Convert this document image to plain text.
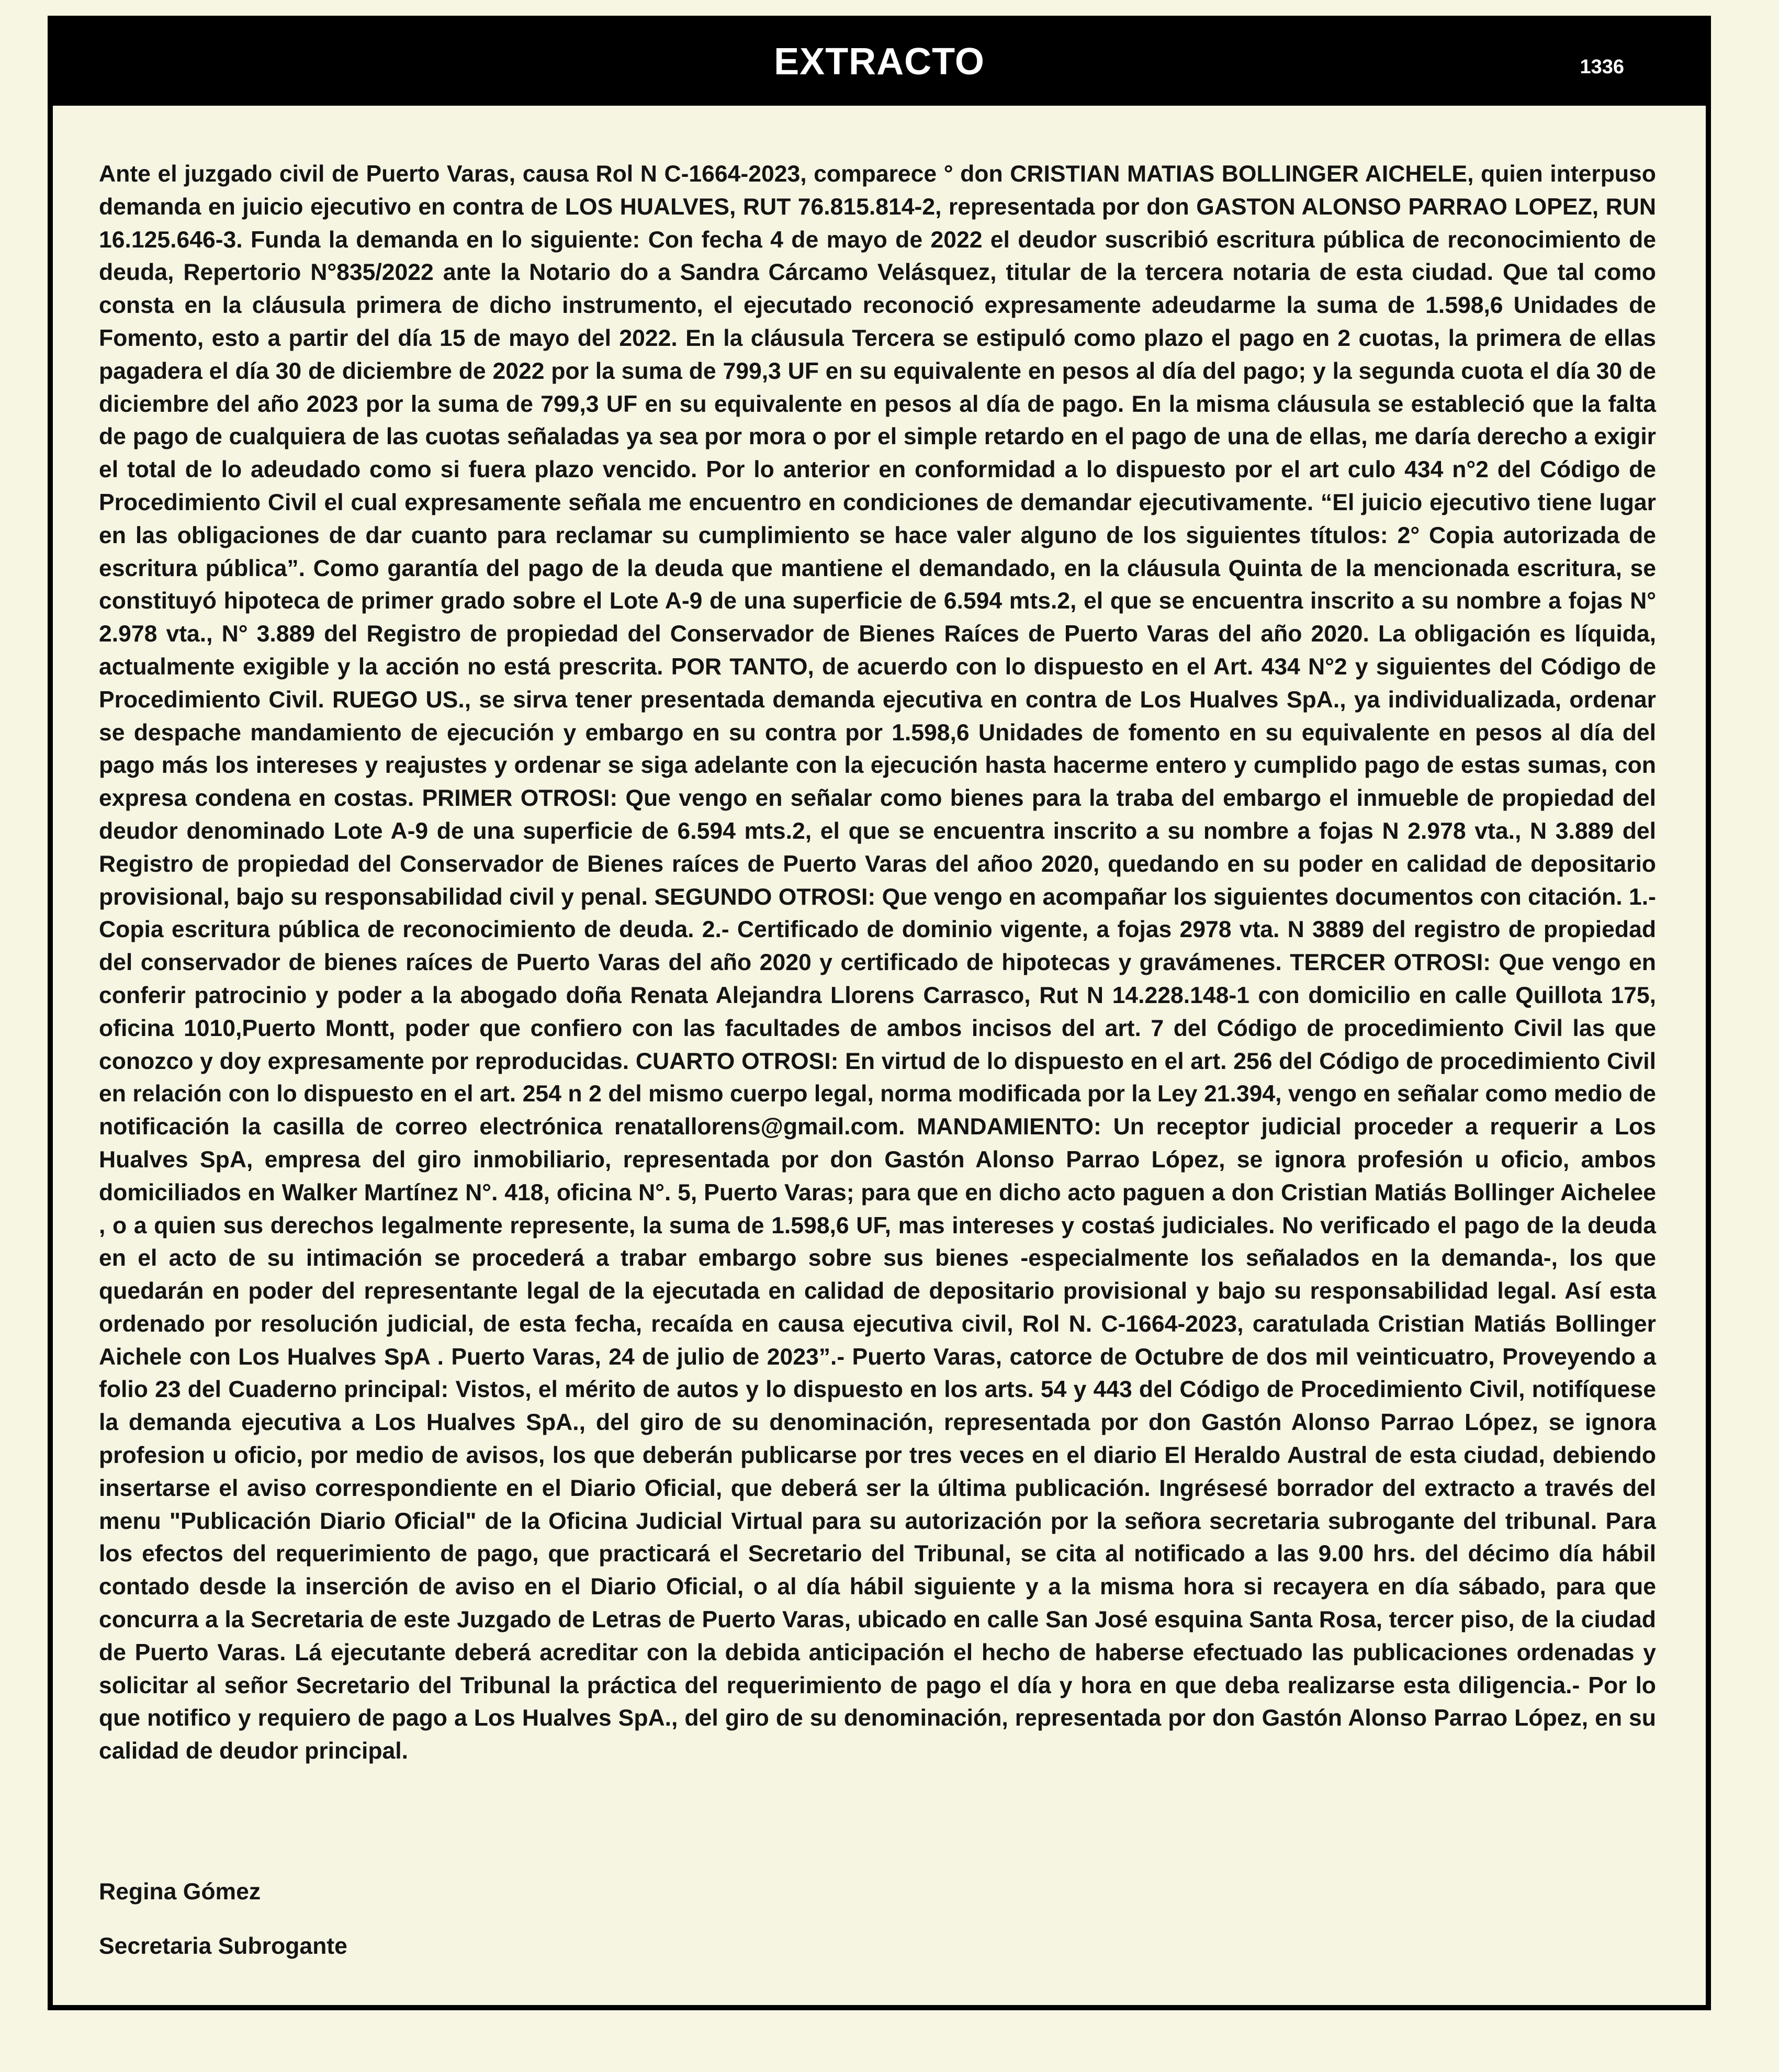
EXTRACTO	1336

Ante el juzgado civil de Puerto Varas, causa Rol N C-1664-2023, comparece ° don CRISTIAN MATIAS BOLLINGER AICHELE, quien interpuso demanda en juicio ejecutivo en contra de LOS HUALVES, RUT 76.815.814-2, representada por don GASTON ALONSO PARRAO LOPEZ, RUN 16.125.646-3. Funda la demanda en lo siguiente: Con fecha 4 de mayo de 2022 el deudor suscribió escritura pública de reconocimiento de deuda, Repertorio N°835/2022 ante la Notario do a Sandra Cárcamo Velásquez, titular de la tercera notaria de esta ciudad. Que tal como consta en la cláusula primera de dicho instrumento, el ejecutado reconoció expresamente adeudarme la suma de 1.598,6 Unidades de Fomento, esto a partir del día 15 de mayo del 2022. En la cláusula Tercera se estipuló como plazo el pago en 2 cuotas, la primera de ellas pagadera el día 30 de diciembre de 2022 por la suma de 799,3 UF en su equivalente en pesos al día del pago; y la segunda cuota el día 30 de diciembre del año 2023 por la suma de 799,3 UF en su equivalente en pesos al día de pago. En la misma cláusula se estableció que la falta de pago de cualquiera de las cuotas señaladas ya sea por mora o por el simple retardo en el pago de una de ellas, me daría derecho a exigir el total de lo adeudado como si fuera plazo vencido. Por lo anterior en conformidad a lo dispuesto por el art culo 434 n°2 del Código de Procedimiento Civil el cual expresamente señala me encuentro en condiciones de demandar ejecutivamente. “El juicio ejecutivo tiene lugar en las obligaciones de dar cuanto para reclamar su cumplimiento se hace valer alguno de los siguientes títulos: 2° Copia autorizada de escritura pública”. Como garantía del pago de la deuda que mantiene el demandado, en la cláusula Quinta de la mencionada escritura, se constituyó hipoteca de primer grado sobre el Lote A-9 de una superficie de 6.594 mts.2, el que se encuentra inscrito a su nombre a fojas N° 2.978 vta., N° 3.889 del Registro de propiedad del Conservador de Bienes Raíces de Puerto Varas del año 2020. La obligación es líquida, actualmente exigible y la acción no está prescrita. POR TANTO, de acuerdo con lo dispuesto en el Art. 434 N°2 y siguientes del Código de Procedimiento Civil. RUEGO US., se sirva tener presentada demanda ejecutiva en contra de Los Hualves SpA., ya individualizada, ordenar se despache mandamiento de ejecución y embargo en su contra por 1.598,6 Unidades de fomento en su equivalente en pesos al día del pago más los intereses y reajustes y ordenar se siga adelante con la ejecución hasta hacerme entero y cumplido pago de estas sumas, con expresa condena en costas. PRIMER OTROSI: Que vengo en señalar como bienes para la traba del embargo el inmueble de propiedad del deudor denominado Lote A-9 de una superficie de 6.594 mts.2, el que se encuentra inscrito a su nombre a fojas N 2.978 vta., N 3.889 del Registro de propiedad del Conservador de Bienes raíces de Puerto Varas del añoo 2020, quedando en su poder en calidad de depositario provisional, bajo su responsabilidad civil y penal. SEGUNDO OTROSI: Que vengo en acompañar los siguientes documentos con citación. 1.- Copia escritura pública de reconocimiento de deuda. 2.- Certificado de dominio vigente, a fojas 2978 vta. N 3889 del registro de propiedad del conservador de bienes raíces de Puerto Varas del año 2020 y certificado de hipotecas y gravámenes. TERCER OTROSI: Que vengo en conferir patrocinio y poder a la abogado doña Renata Alejandra Llorens Carrasco, Rut N 14.228.148-1 con domicilio en calle Quillota 175, oficina 1010,Puerto Montt, poder que confiero con las facultades de ambos incisos del art. 7 del Código de procedimiento Civil las que conozco y doy expresamente por reproducidas. CUARTO OTROSI: En virtud de lo dispuesto en el art. 256 del Código de procedimiento Civil en relación con lo dispuesto en el art. 254 n 2 del mismo cuerpo legal, norma modificada por la Ley 21.394, vengo en señalar como medio de notificación la casilla de correo electrónica renatallorens@gmail.com. MANDAMIENTO: Un receptor judicial proceder a requerir a Los Hualves SpA, empresa del giro inmobiliario, representada por don Gastón Alonso Parrao López, se ignora profesión u oficio, ambos domiciliados en Walker Martínez N°. 418, oficina N°. 5, Puerto Varas; para que en dicho acto paguen a don Cristian Matiás Bollinger Aichelee , o a quien sus derechos legalmente represente, la suma de 1.598,6 UF, mas intereses y costaś judiciales. No verificado el pago de la deuda en el acto de su intimación se procederá a trabar embargo sobre sus bienes -especialmente los señalados en la demanda-, los que quedarán en poder del representante legal de la ejecutada en calidad de depositario provisional y bajo su responsabilidad legal. Así esta ordenado por resolución judicial, de esta fecha, recaída en causa ejecutiva civil, Rol N. C-1664-2023, caratulada Cristian Matiás Bollinger Aichele con Los Hualves SpA . Puerto Varas, 24 de julio de 2023”.- Puerto Varas, catorce de Octubre de dos mil veinticuatro, Proveyendo a folio 23 del Cuaderno principal: Vistos, el mérito de autos y lo dispuesto en los arts. 54 y 443 del Código de Procedimiento Civil, notifíquese la demanda ejecutiva a Los Hualves SpA., del giro de su denominación, representada por don Gastón Alonso Parrao López, se ignora profesion u oficio, por medio de avisos, los que deberán publicarse por tres veces en el diario El Heraldo Austral de esta ciudad, debiendo insertarse el aviso correspondiente en el Diario Oficial, que deberá ser la última publicación. Ingrésesé borrador del extracto a través del menu "Publicación Diario Oficial" de la Oficina Judicial Virtual para su autorización por la señora secretaria subrogante del tribunal. Para los efectos del requerimiento de pago, que practicará el Secretario del Tribunal, se cita al notificado a las 9.00 hrs. del décimo día hábil contado desde la inserción de aviso en el Diario Oficial, o al día hábil siguiente y a la misma hora si recayera en día sábado, para que concurra a la Secretaria de este Juzgado de Letras de Puerto Varas, ubicado en calle San José esquina Santa Rosa, tercer piso, de la ciudad de Puerto Varas. Lá ejecutante deberá acreditar con la debida anticipación el hecho de haberse efectuado las publicaciones ordenadas y solicitar al señor Secretario del Tribunal la práctica del requerimiento de pago el día y hora en que deba realizarse esta diligencia.- Por lo que notifico y requiero de pago a Los Hualves SpA., del giro de su denominación, representada por don Gastón Alonso Parrao López, en su calidad de deudor principal.

Regina Gómez

Secretaria Subrogante
